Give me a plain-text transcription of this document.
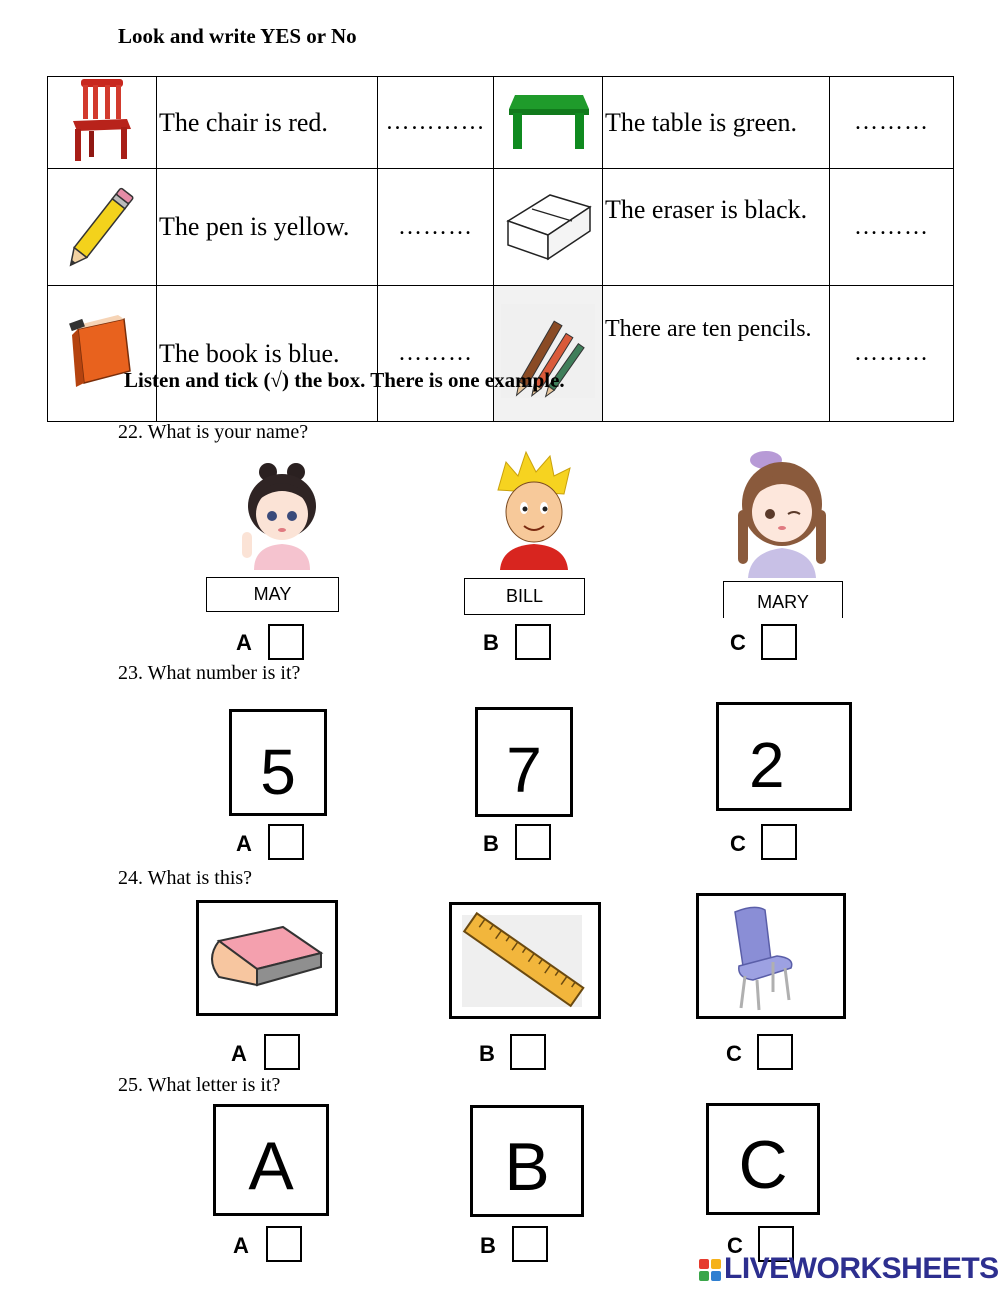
Look and write YES or No
	The chair is red.	…………		The table is green.	………
	The pen is yellow.	………		The eraser is black.	………
	The book is blue.	………		There are ten pencils.	………
Listen and tick (√) the box. There is one example.
22. What is your name?
MAY	BILL	MARY
A	B	C
23. What number is it?
5	7	2
A	B	C
24. What is this?
A	B	C
25. What letter is it?
A	B	C
A	B	C
LIVEWORKSHEETS
